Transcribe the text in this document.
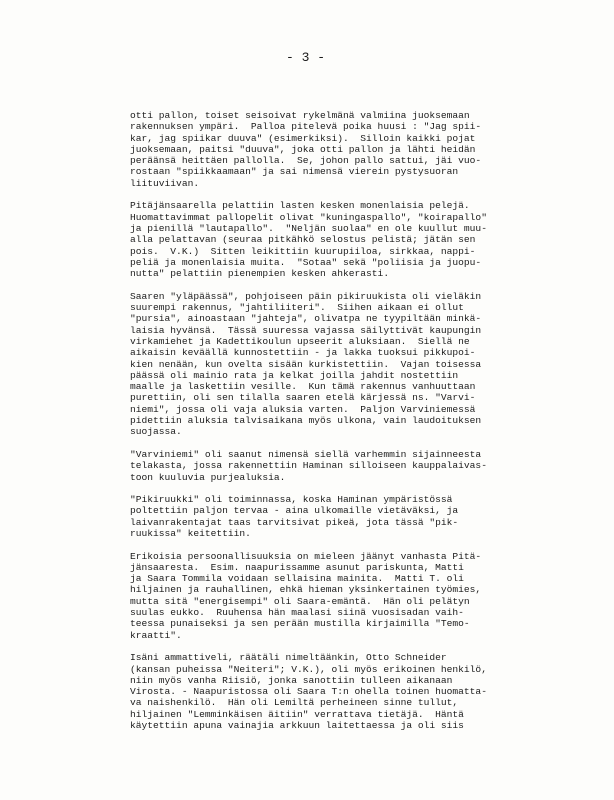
- 3 -
otti pallon, toiset seisoivat rykelmänä valmiina juoksemaan
rakennuksen ympäri.  Palloa pitelevä poika huusi : "Jag spii-
kar, jag spiikar duuva" (esimerkiksi).  Silloin kaikki pojat
juoksemaan, paitsi "duuva", joka otti pallon ja lähti heidän
peräänsä heittäen pallolla.  Se, johon pallo sattui, jäi vuo-
rostaan "spiikkaamaan" ja sai nimensä vierein pystysuoran
liituviivan.
Pitäjänsaarella pelattiin lasten kesken monenlaisia pelejä.
Huomattavimmat pallopelit olivat "kuningaspallo", "koirapallo"
ja pienillä "lautapallo".  "Neljän suolaa" en ole kuullut muu-
alla pelattavan (seuraa pitkähkö selostus pelistä; jätän sen
pois.  V.K.)  Sitten leikittiin kuurupiiloa, sirkkaa, nappi-
peliä ja monenlaisia muita.  "Sotaa" sekä "poliisia ja juopu-
nutta" pelattiin pienempien kesken ahkerasti.
Saaren "yläpäässä", pohjoiseen päin pikiruukista oli vieläkin
suurempi rakennus, "jahtiliiteri".  Siihen aikaan ei ollut
"pursia", ainoastaan "jahteja", olivatpa ne tyypiltään minkä-
laisia hyvänsä.  Tässä suuressa vajassa säilyttivät kaupungin
virkamiehet ja Kadettikoulun upseerit aluksiaan.  Siellä ne
aikaisin keväällä kunnostettiin - ja lakka tuoksui pikkupoi-
kien nenään, kun ovelta sisään kurkistettiin.  Vajan toisessa
päässä oli mainio rata ja kelkat joilla jahdit nostettiin
maalle ja laskettiin vesille.  Kun tämä rakennus vanhuuttaan
purettiin, oli sen tilalla saaren etelä kärjessä ns. "Varvi-
niemi", jossa oli vaja aluksia varten.  Paljon Varviniemessä
pidettiin aluksia talvisaikana myös ulkona, vain laudoituksen
suojassa.
"Varviniemi" oli saanut nimensä siellä varhemmin sijainneesta
telakasta, jossa rakennettiin Haminan silloiseen kauppalaivas-
toon kuuluvia purjealuksia.
"Pikiruukki" oli toiminnassa, koska Haminan ympäristössä
poltettiin paljon tervaa - aina ulkomaille vietäväksi, ja
laivanrakentajat taas tarvitsivat pikeä, jota tässä "pik-
ruukissa" keitettiin.
Erikoisia persoonallisuuksia on mieleen jäänyt vanhasta Pitä-
jänsaaresta.  Esim. naapurissamme asunut pariskunta, Matti
ja Saara Tommila voidaan sellaisina mainita.  Matti T. oli
hiljainen ja rauhallinen, ehkä hieman yksinkertainen työmies,
mutta sitä "energisempi" oli Saara-emäntä.  Hän oli pelätyn
suulas eukko.  Ruuhensa hän maalasi siinä vuosisadan vaih-
teessa punaiseksi ja sen perään mustilla kirjaimilla "Temo-
kraatti".
Isäni ammattiveli, räätäli nimeltäänkin, Otto Schneider
(kansan puheissa "Neiteri"; V.K.), oli myös erikoinen henkilö,
niin myös vanha Riisiö, jonka sanottiin tulleen aikanaan
Virosta. - Naapuristossa oli Saara T:n ohella toinen huomatta-
va naishenkilö.  Hän oli Lemiltä perheineen sinne tullut,
hiljainen "Lemminkäisen äitiin" verrattava tietäjä.  Häntä
käytettiin apuna vainajia arkkuun laitettaessa ja oli siis
